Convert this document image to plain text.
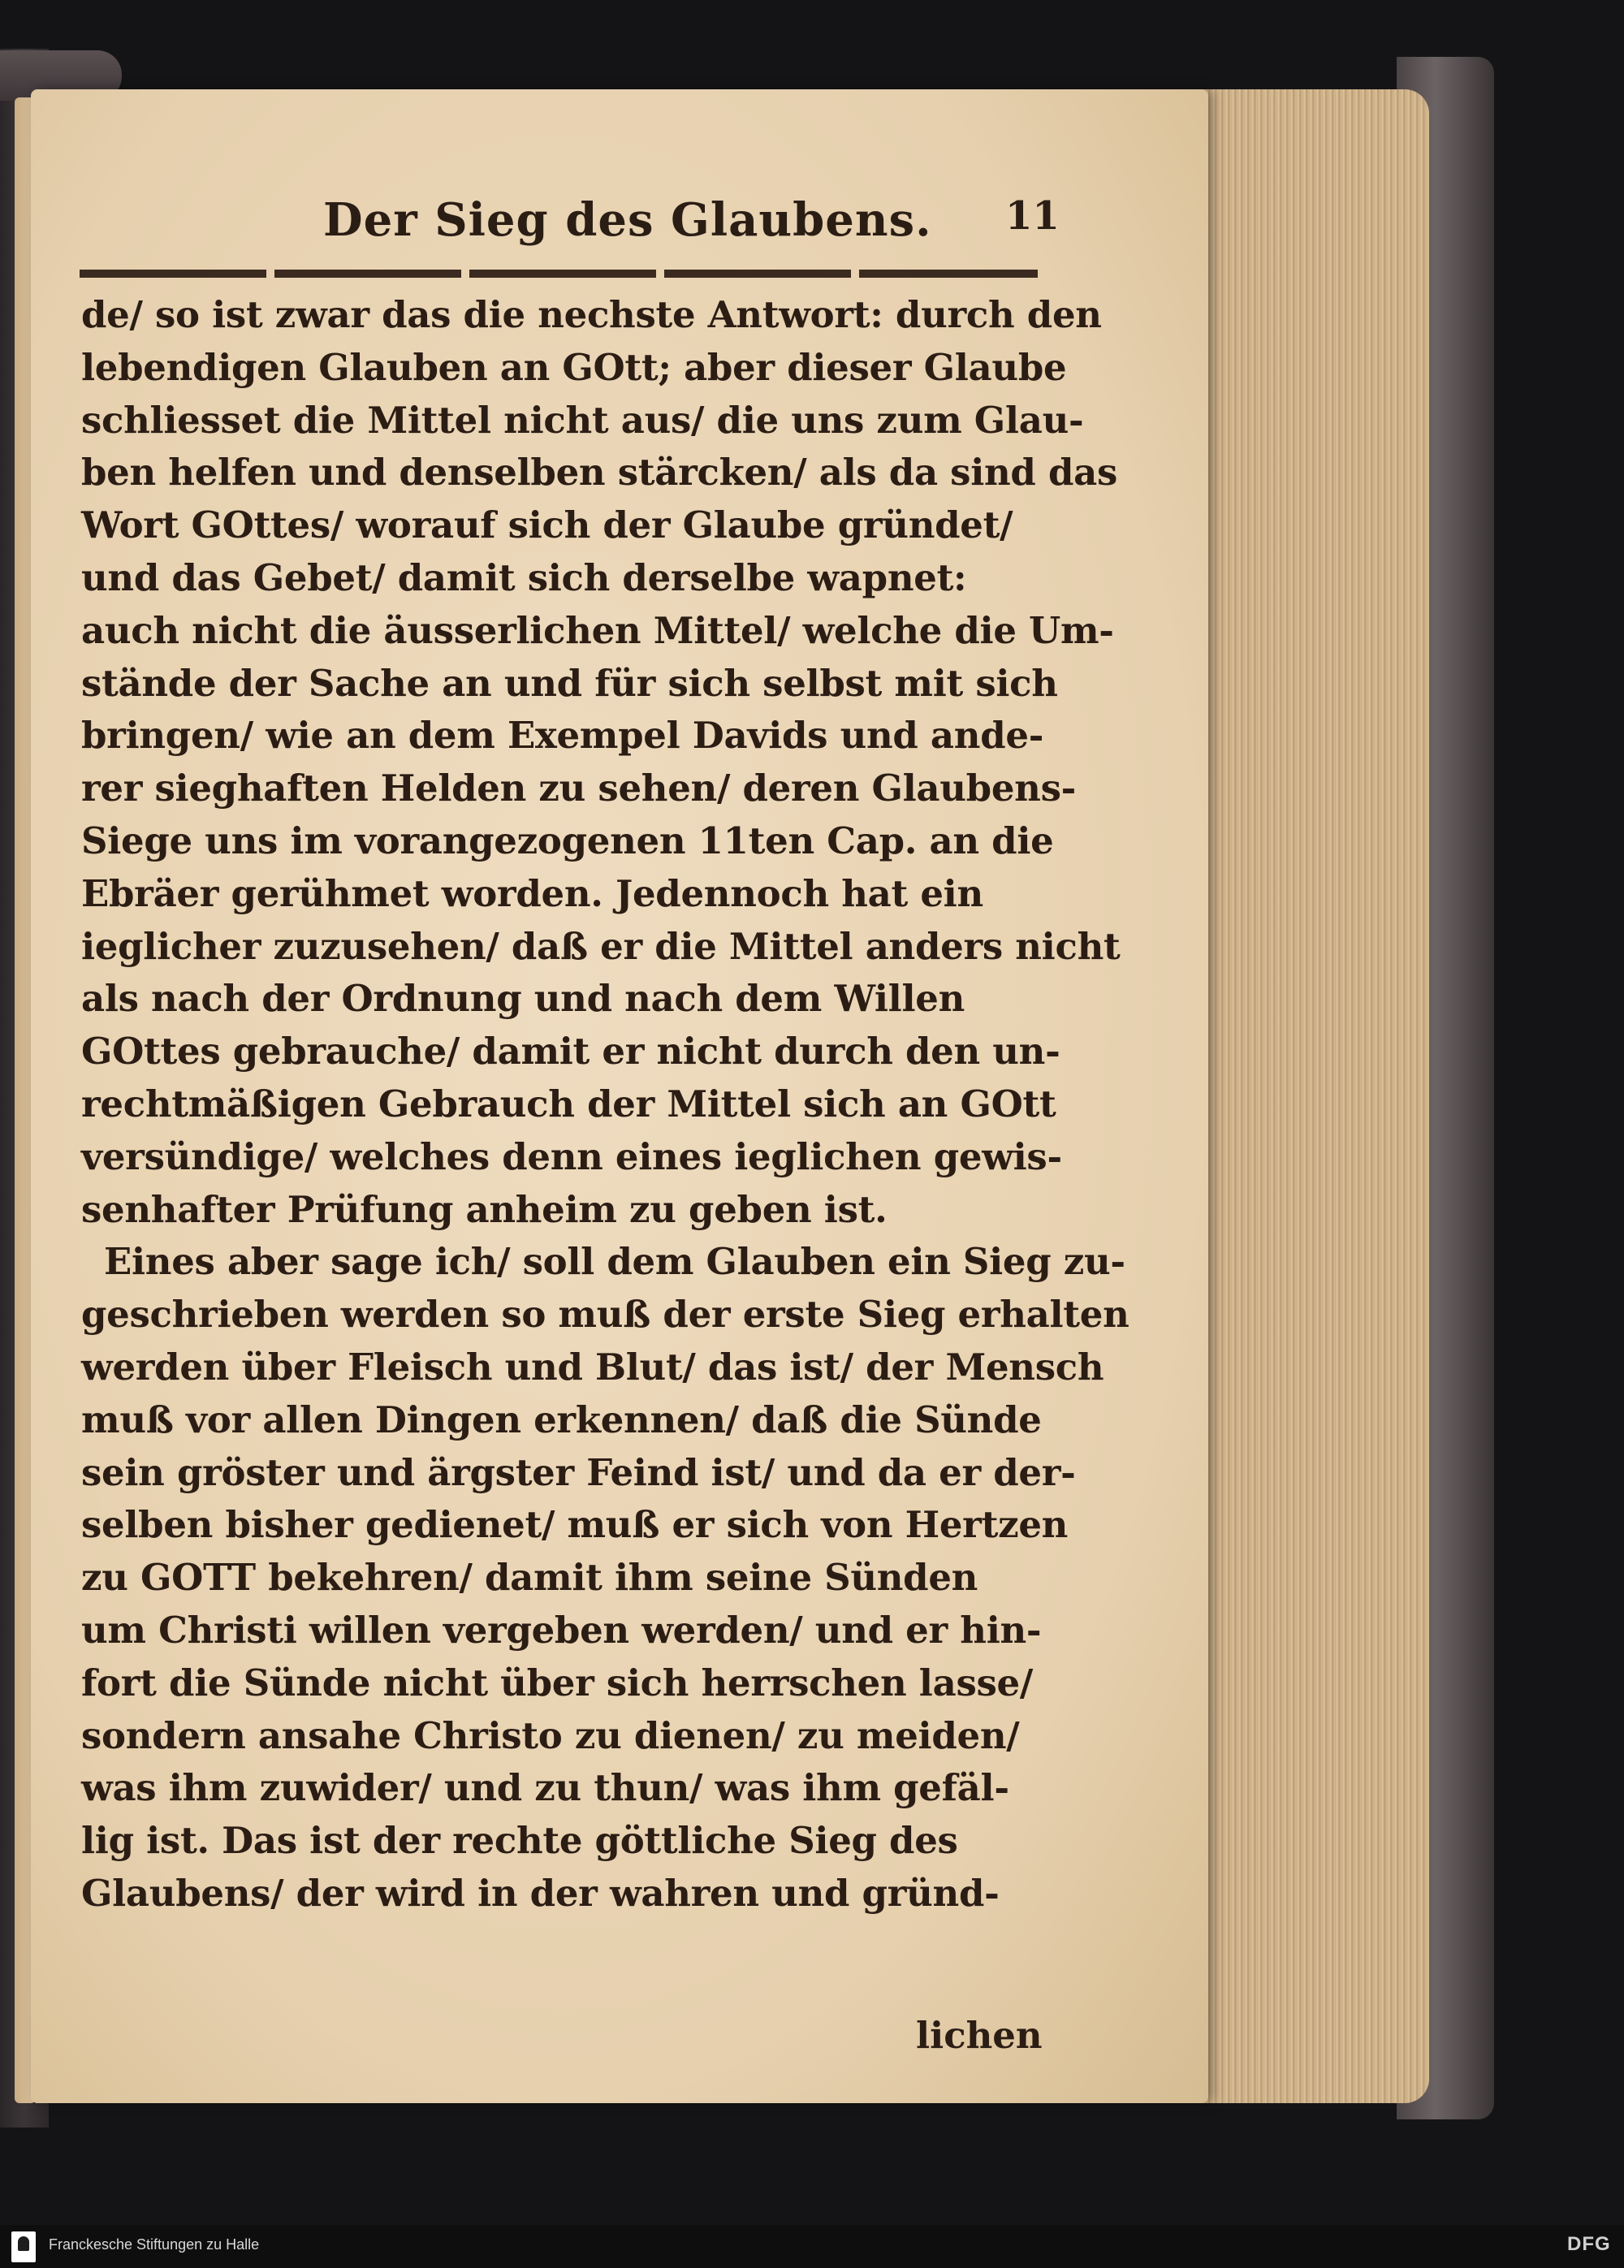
Der Sieg des Glaubens. 11
de/ so ist zwar das die nechste Antwort: durch den
lebendigen Glauben an GOtt; aber dieser Glaube
schliesset die Mittel nicht aus/ die uns zum Glau-
ben helfen und denselben stärcken/ als da sind das
Wort GOttes/ worauf sich der Glaube gründet/
und das Gebet/ damit sich derselbe wapnet:
auch nicht die äusserlichen Mittel/ welche die Um-
stände der Sache an und für sich selbst mit sich
bringen/ wie an dem Exempel Davids und ande-
rer sieghaften Helden zu sehen/ deren Glaubens-
Siege uns im vorangezogenen 11ten Cap. an die
Ebräer gerühmet worden. Jedennoch hat ein
ieglicher zuzusehen/ daß er die Mittel anders nicht
als nach der Ordnung und nach dem Willen
GOttes gebrauche/ damit er nicht durch den un-
rechtmäßigen Gebrauch der Mittel sich an GOtt
versündige/ welches denn eines ieglichen gewis-
senhafter Prüfung anheim zu geben ist.
Eines aber sage ich/ soll dem Glauben ein Sieg zu-
geschrieben werden so muß der erste Sieg erhalten
werden über Fleisch und Blut/ das ist/ der Mensch
muß vor allen Dingen erkennen/ daß die Sünde
sein gröster und ärgster Feind ist/ und da er der-
selben bisher gedienet/ muß er sich von Hertzen
zu GOTT bekehren/ damit ihm seine Sünden
um Christi willen vergeben werden/ und er hin-
fort die Sünde nicht über sich herrschen lasse/
sondern ansahe Christo zu dienen/ zu meiden/
was ihm zuwider/ und zu thun/ was ihm gefäl-
lig ist. Das ist der rechte göttliche Sieg des
Glaubens/ der wird in der wahren und gründ-
lichen
Franckesche Stiftungen zu Halle	DFG
